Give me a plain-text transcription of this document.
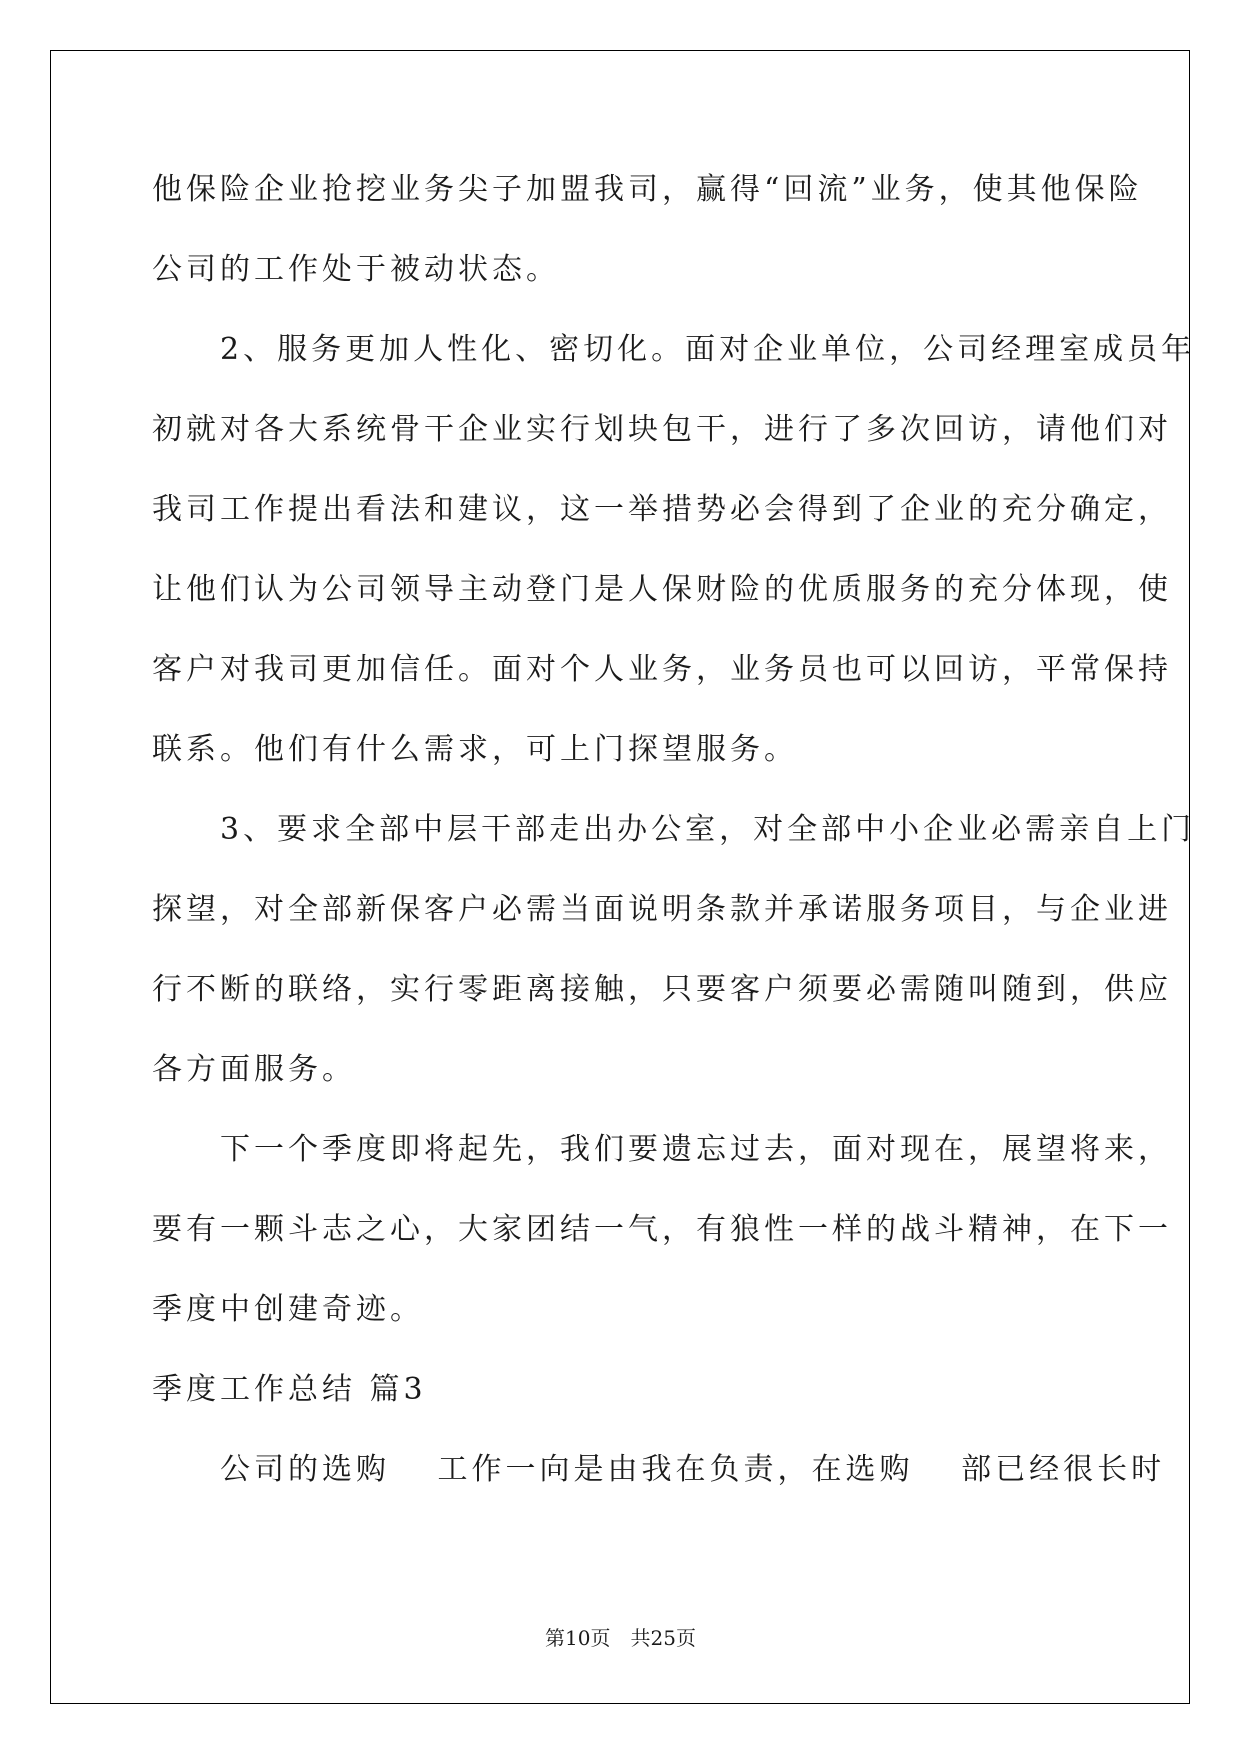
他保险企业抢挖业务尖子加盟我司，赢得“回流”业务，使其他保险
公司的工作处于被动状态。
　　2、服务更加人性化、密切化。面对企业单位，公司经理室成员年
初就对各大系统骨干企业实行划块包干，进行了多次回访，请他们对
我司工作提出看法和建议，这一举措势必会得到了企业的充分确定，
让他们认为公司领导主动登门是人保财险的优质服务的充分体现，使
客户对我司更加信任。面对个人业务，业务员也可以回访，平常保持
联系。他们有什么需求，可上门探望服务。
　　3、要求全部中层干部走出办公室，对全部中小企业必需亲自上门
探望，对全部新保客户必需当面说明条款并承诺服务项目，与企业进
行不断的联络，实行零距离接触，只要客户须要必需随叫随到，供应
各方面服务。
　　下一个季度即将起先，我们要遗忘过去，面对现在，展望将来，
要有一颗斗志之心，大家团结一气，有狼性一样的战斗精神，在下一
季度中创建奇迹。
季度工作总结 篇3
　　公司的选购　 工作一向是由我在负责，在选购　 部已经很长时
第10页　共25页
